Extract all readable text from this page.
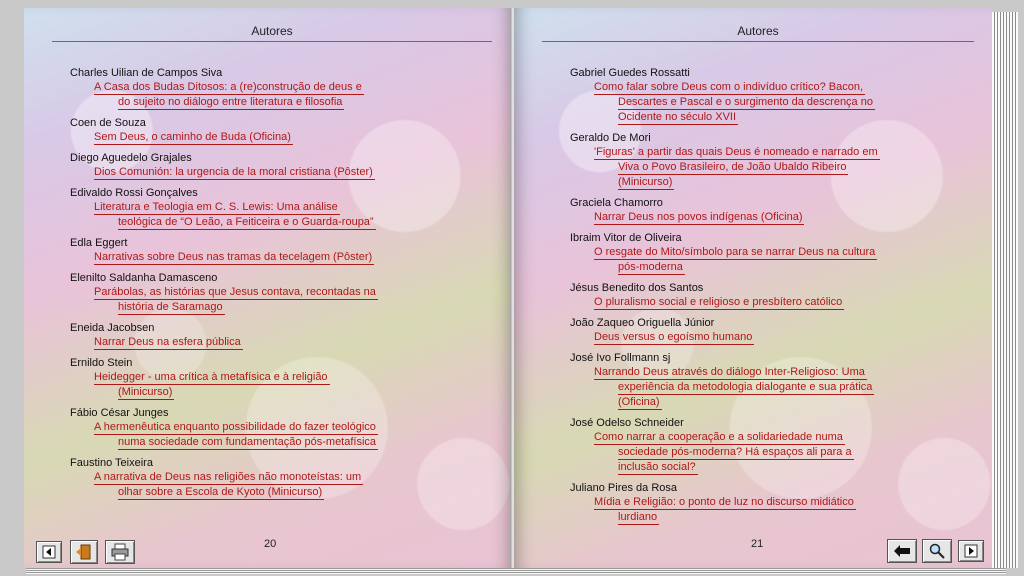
Autores
Charles Uilian de Campos Siva
A Casa dos Budas Ditosos: a (re)construção de deus e
do sujeito no diálogo entre literatura e filosofia
Coen de Souza
Sem Deus, o caminho de Buda (Oficina)
Diego Aguedelo Grajales
Dios Comunión: la urgencia de la moral cristiana (Pôster)
Edivaldo Rossi Gonçalves
Literatura e Teologia em C. S. Lewis: Uma análise
teológica de “O Leão, a Feiticeira e o Guarda-roupa”
Edla Eggert
Narrativas sobre Deus nas tramas da tecelagem (Pôster)
Elenilto Saldanha Damasceno
Parábolas, as histórias que Jesus contava, recontadas na
história de Saramago
Eneida Jacobsen
Narrar Deus na esfera pública
Ernildo Stein
Heidegger - uma crítica à metafísica e à religião
(Minicurso)
Fábio César Junges
A hermenêutica enquanto possibilidade do fazer teológico
numa sociedade com fundamentação pós-metafísica
Faustino Teixeira
A narrativa de Deus nas religiões não monoteístas: um
olhar sobre a Escola de Kyoto (Minicurso)
20
Autores
Gabriel Guedes Rossatti
Como falar sobre Deus com o indivíduo crítico? Bacon,
Descartes e Pascal e o surgimento da descrença no
Ocidente no século XVII
Geraldo De Mori
'Figuras' a partir das quais Deus é nomeado e narrado em
Viva o Povo Brasileiro, de João Ubaldo Ribeiro
(Minicurso)
Graciela Chamorro
Narrar Deus nos povos indígenas (Oficina)
Ibraim Vitor de Oliveira
O resgate do Mito/símbolo para se narrar Deus na cultura
pós-moderna
Jésus Benedito dos Santos
O pluralismo social e religioso e presbítero católico
João Zaqueo Origuella Júnior
Deus versus o egoísmo humano
José Ivo Follmann sj
Narrando Deus através do diálogo Inter-Religioso: Uma
experiência da metodologia dialogante e sua prática
(Oficina)
José Odelso Schneider
Como narrar a cooperação e a solidariedade numa
sociedade pós-moderna? Há espaços ali para a
inclusão social?
Juliano Pires da Rosa
Mídia e Religião: o ponto de luz no discurso midiático
lurdiano
21
